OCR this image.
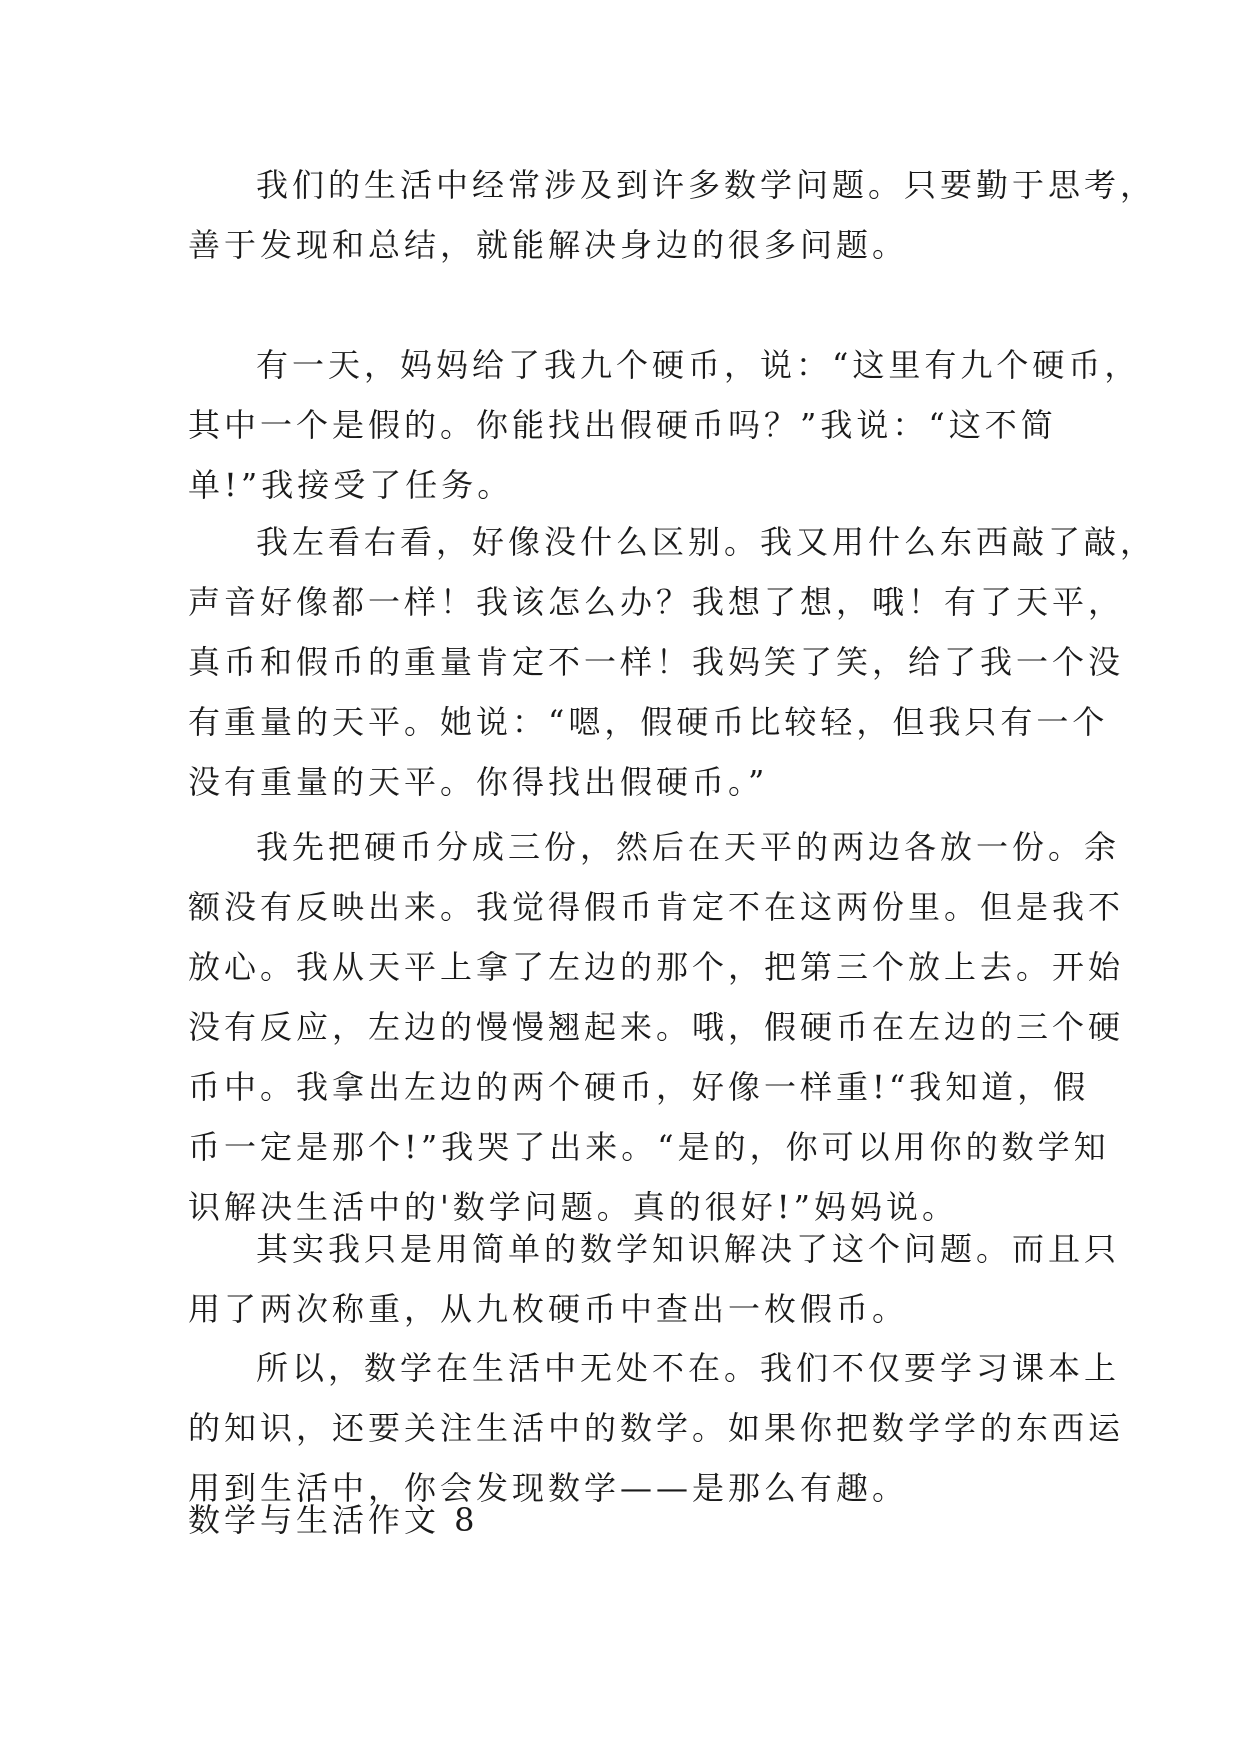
我们的生活中经常涉及到许多数学问题。只要勤于思考，
善于发现和总结，就能解决身边的很多问题。

有一天，妈妈给了我九个硬币，说：“这里有九个硬币，
其中一个是假的。你能找出假硬币吗？”我说：“这不简
单!”我接受了任务。

我左看右看，好像没什么区别。我又用什么东西敲了敲，
声音好像都一样！我该怎么办？我想了想，哦！有了天平，
真币和假币的重量肯定不一样！我妈笑了笑，给了我一个没
有重量的天平。她说：“嗯，假硬币比较轻，但我只有一个
没有重量的天平。你得找出假硬币。”

我先把硬币分成三份，然后在天平的两边各放一份。余
额没有反映出来。我觉得假币肯定不在这两份里。但是我不
放心。我从天平上拿了左边的那个，把第三个放上去。开始
没有反应，左边的慢慢翘起来。哦，假硬币在左边的三个硬
币中。我拿出左边的两个硬币，好像一样重!“我知道，假
币一定是那个!”我哭了出来。“是的，你可以用你的数学知
识解决生活中的'数学问题。真的很好!”妈妈说。

其实我只是用简单的数学知识解决了这个问题。而且只
用了两次称重，从九枚硬币中查出一枚假币。

所以，数学在生活中无处不在。我们不仅要学习课本上
的知识，还要关注生活中的数学。如果你把数学学的东西运
用到生活中，你会发现数学——是那么有趣。

数学与生活作文 8
